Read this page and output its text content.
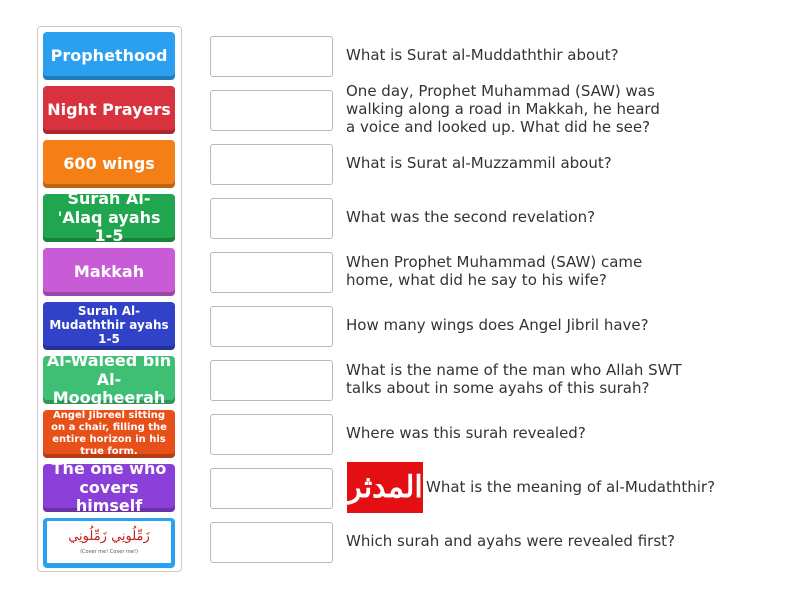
Prophethood
Night Prayers
600 wings
Surah Al-'Alaq ayahs 1-5
Makkah
Surah Al-Mudaththir ayahs 1-5
Al-Waleed bin Al-Moogheerah
Angel Jibreel sitting on a chair, filling the entire horizon in his true form.
The one who covers himself
زَمِّلُونِي زَمِّلُونِي
(Cover me! Cover me!)
What is Surat al-Muddaththir about?
One day, Prophet Muhammad (SAW) was walking along a road in Makkah, he heard a voice and looked up. What did he see?
What is Surat al-Muzzammil about?
What was the second revelation?
When Prophet Muhammad (SAW) came home, what did he say to his wife?
How many wings does Angel Jibril have?
What is the name of the man who Allah SWT talks about in some ayahs of this surah?
Where was this surah revealed?
المدثر What is the meaning of al-Mudaththir?
Which surah and ayahs were revealed first?
